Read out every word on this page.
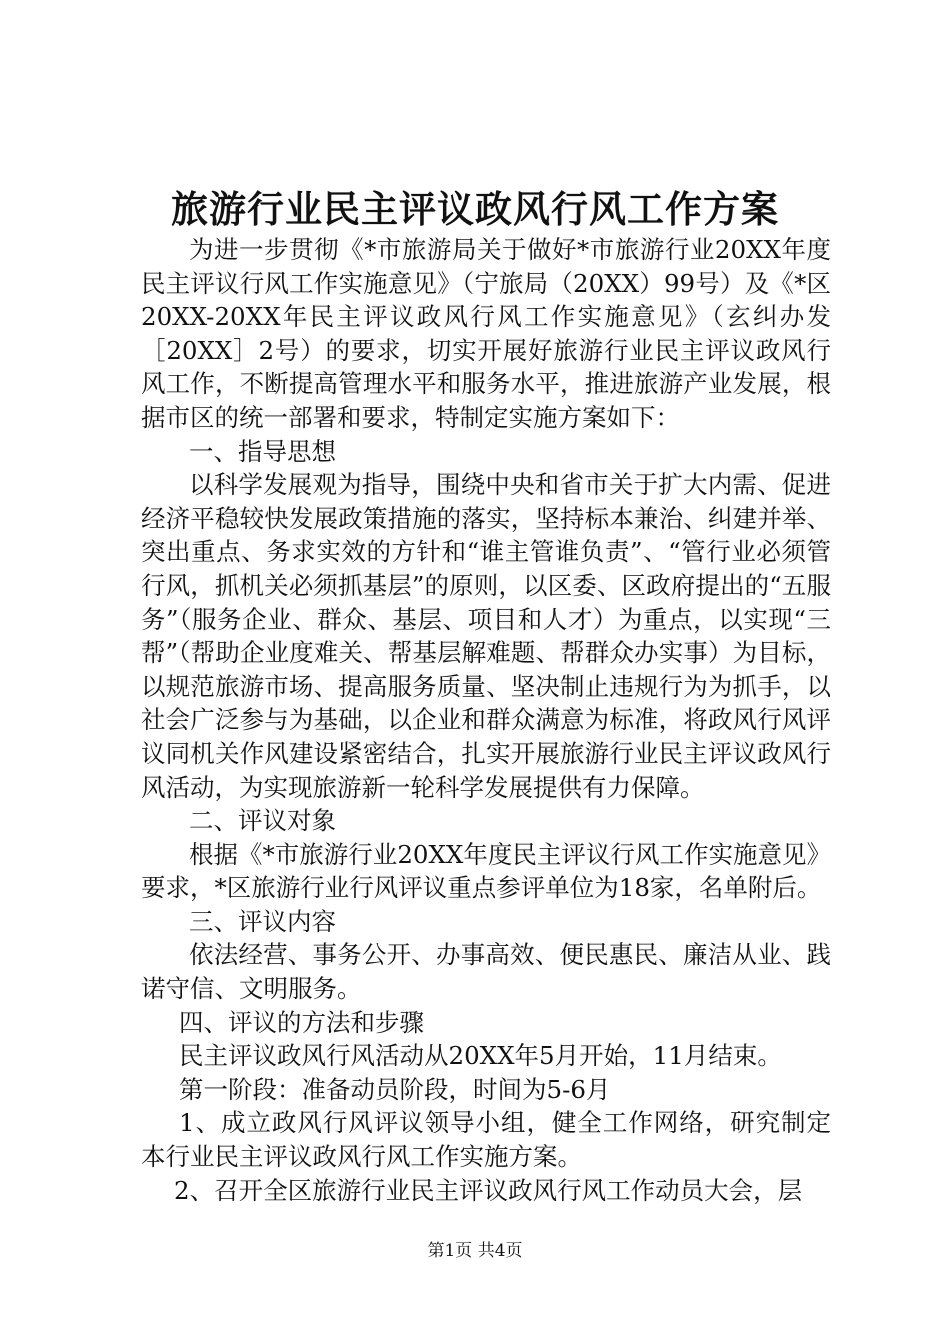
旅游行业民主评议政风行风工作方案

为进一步贯彻《*市旅游局关于做好*市旅游行业20XX年度民主评议行风工作实施意见》（宁旅局（20XX）99号）及《*区20XX-20XX年民主评议政风行风工作实施意见》（玄纠办发［20XX］2号）的要求，切实开展好旅游行业民主评议政风行风工作，不断提高管理水平和服务水平，推进旅游产业发展，根据市区的统一部署和要求，特制定实施方案如下：

一、指导思想

以科学发展观为指导，围绕中央和省市关于扩大内需、促进经济平稳较快发展政策措施的落实，坚持标本兼治、纠建并举、突出重点、务求实效的方针和“谁主管谁负责”、“管行业必须管行风，抓机关必须抓基层”的原则，以区委、区政府提出的“五服务”（服务企业、群众、基层、项目和人才）为重点，以实现“三帮”（帮助企业度难关、帮基层解难题、帮群众办实事）为目标，以规范旅游市场、提高服务质量、坚决制止违规行为为抓手，以社会广泛参与为基础，以企业和群众满意为标准，将政风行风评议同机关作风建设紧密结合，扎实开展旅游行业民主评议政风行风活动，为实现旅游新一轮科学发展提供有力保障。

二、评议对象

根据《*市旅游行业20XX年度民主评议行风工作实施意见》要求，*区旅游行业行风评议重点参评单位为18家，名单附后。

三、评议内容

依法经营、事务公开、办事高效、便民惠民、廉洁从业、践诺守信、文明服务。

四、评议的方法和步骤

民主评议政风行风活动从20XX年5月开始，11月结束。

第一阶段：准备动员阶段，时间为5-6月

1、成立政风行风评议领导小组，健全工作网络，研究制定本行业民主评议政风行风工作实施方案。

2、召开全区旅游行业民主评议政风行风工作动员大会，层

第1页 共4页
